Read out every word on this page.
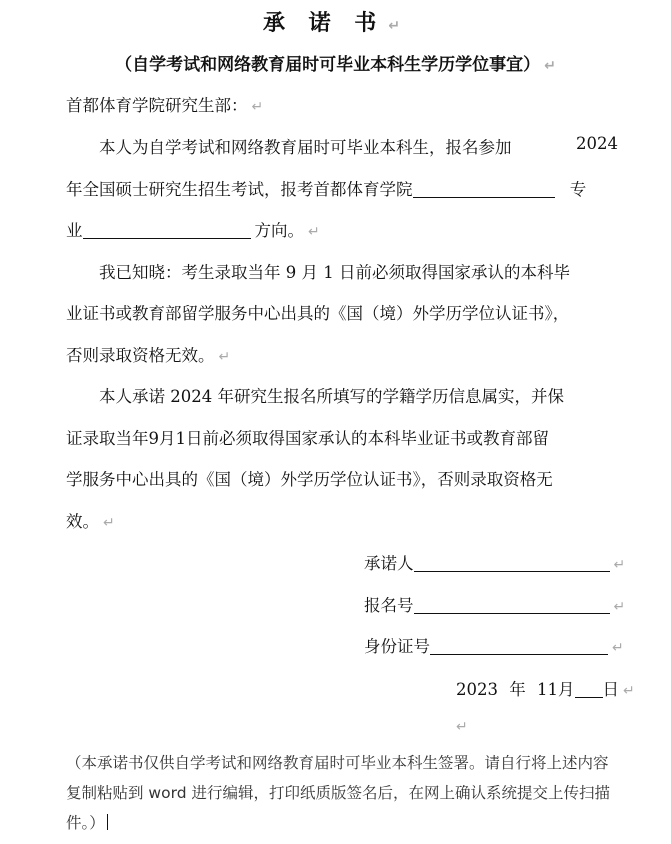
承 诺 书 ↵
（自学考试和网络教育届时可毕业本科生学历学位事宜） ↵
首都体育学院研究生部： ↵
本人为自学考试和网络教育届时可毕业本科生，报名参加	2024
年全国硕士研究生招生考试，报考首都体育学院	专
业	方向。 ↵
我已知晓：考生录取当年 9 月 1 日前必须取得国家承认的本科毕
业证书或教育部留学服务中心出具的《国（境）外学历学位认证书》，
否则录取资格无效。 ↵
本人承诺 2024 年研究生报名所填写的学籍学历信息属实，并保
证录取当年9月1日前必须取得国家承认的本科毕业证书或教育部留
学服务中心出具的《国（境）外学历学位认证书》，否则录取资格无
效。 ↵
承诺人	↵
报名号	↵
身份证号	↵
2023 年 11月 日 ↵
↵
（本承诺书仅供自学考试和网络教育届时可毕业本科生签署。请自行将上述内容复制粘贴到 word 进行编辑，打印纸质版签名后，在网上确认系统提交上传扫描件。）
